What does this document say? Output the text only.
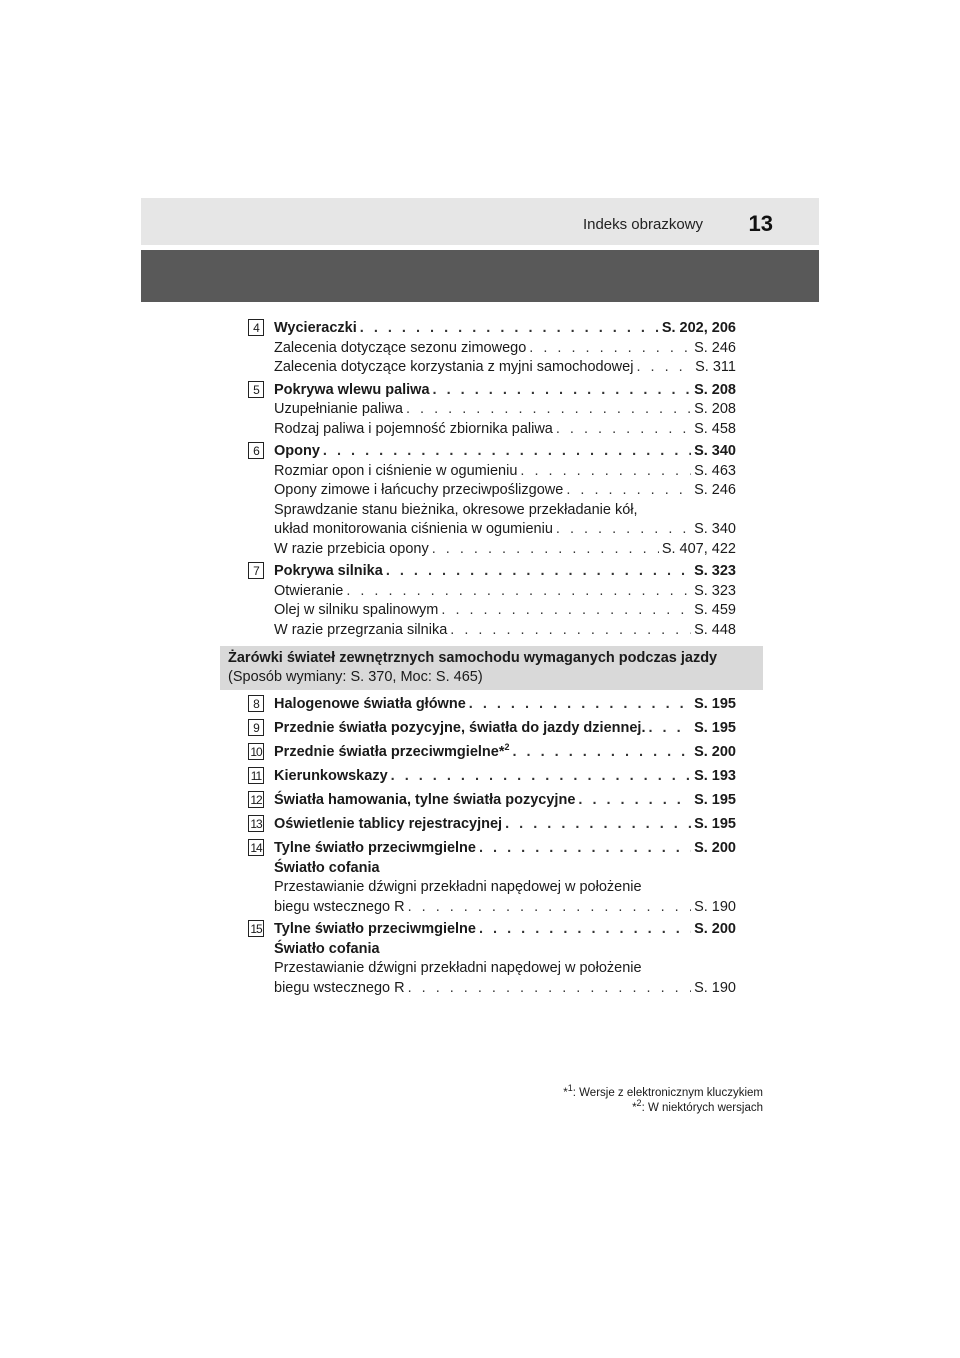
Indeks obrazkowy 13
4	Wycieraczki . . .	S. 202, 206
Zalecenia dotyczące sezonu zimowego . . .	S. 246
Zalecenia dotyczące korzystania z myjni samochodowej . . .	S. 311
5	Pokrywa wlewu paliwa . . .	S. 208
Uzupełnianie paliwa . . .	S. 208
Rodzaj paliwa i pojemność zbiornika paliwa . . .	S. 458
6	Opony . . .	S. 340
Rozmiar opon i ciśnienie w ogumieniu . . .	S. 463
Opony zimowe i łańcuchy przeciwpoślizgowe . . .	S. 246
Sprawdzanie stanu bieżnika, okresowe przekładanie kół,
układ monitorowania ciśnienia w ogumieniu . . .	S. 340
W razie przebicia opony . . .	S. 407, 422
7	Pokrywa silnika . . .	S. 323
Otwieranie . . .	S. 323
Olej w silniku spalinowym . . .	S. 459
W razie przegrzania silnika . . .	S. 448
Żarówki świateł zewnętrznych samochodu wymaganych podczas jazdy
(Sposób wymiany: S. 370, Moc: S. 465)
8	Halogenowe światła główne . . .	S. 195
9	Przednie światła pozycyjne, światła do jazdy dziennej. . . .	S. 195
10 Przednie światła przeciwmgielne*$^2$ . . .	S. 200
11 Kierunkowskazy . . .	S. 193
12 Światła hamowania, tylne światła pozycyjne . . .	S. 195
13 Oświetlenie tablicy rejestracyjnej . . .	S. 195
14 Tylne światło przeciwmgielne . . .	S. 200
Światło cofania
Przestawianie dźwigni przekładni napędowej w położenie
biegu wstecznego R . . .	S. 190
15 Tylne światło przeciwmgielne . . .	S. 200
Światło cofania
Przestawianie dźwigni przekładni napędowej w położenie
biegu wstecznego R . . .	S. 190
*$^1$: Wersje z elektronicznym kluczykiem
*$^2$: W niektórych wersjach
